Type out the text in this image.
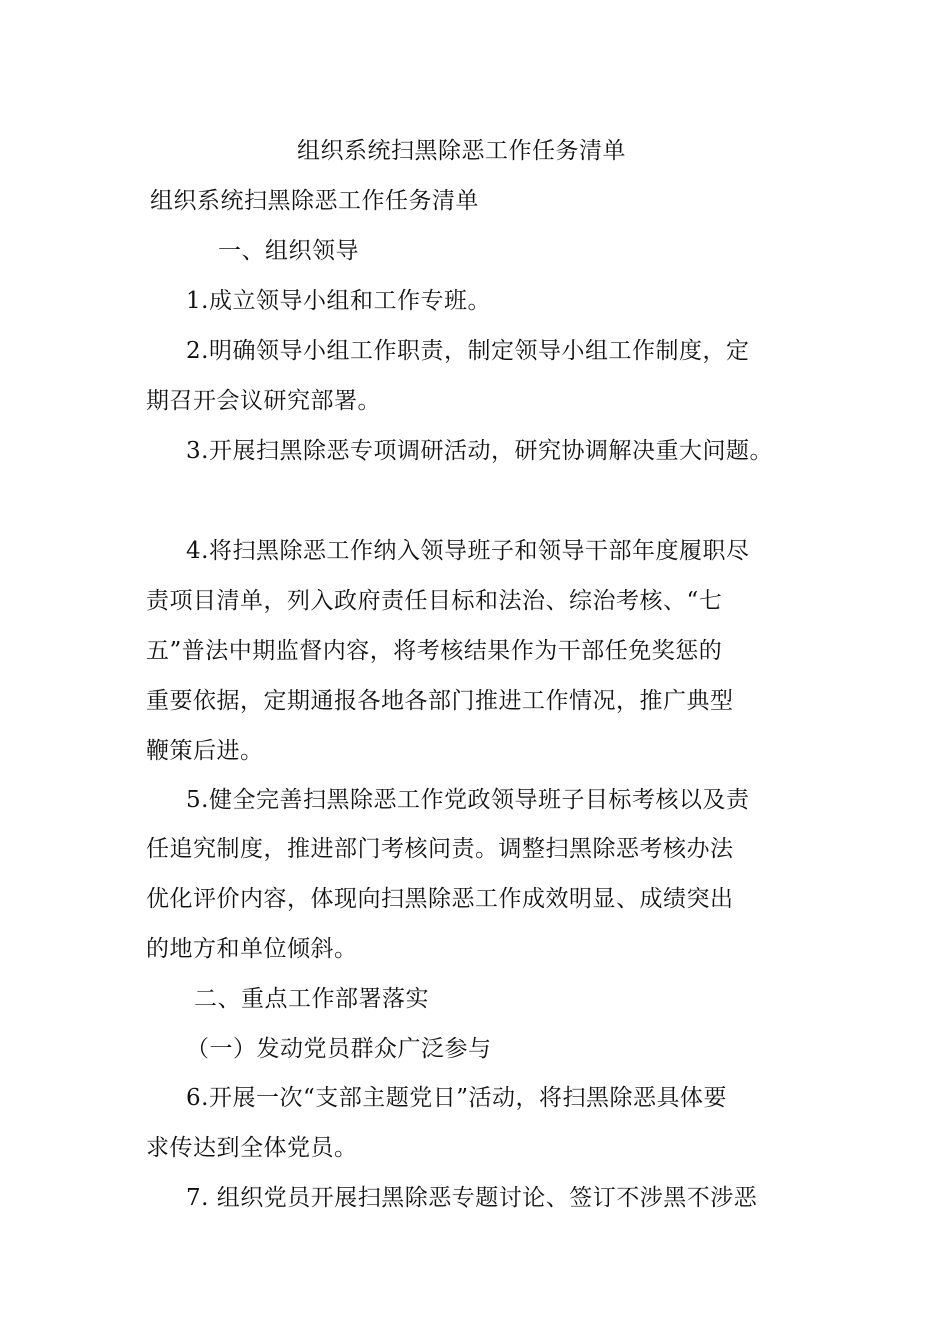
组织系统扫黑除恶工作任务清单
组织系统扫黑除恶工作任务清单
一、组织领导
1.成立领导小组和工作专班。
2.明确领导小组工作职责，制定领导小组工作制度，定
期召开会议研究部署。
3.开展扫黑除恶专项调研活动，研究协调解决重大问题。
4.将扫黑除恶工作纳入领导班子和领导干部年度履职尽
责项目清单，列入政府责任目标和法治、综治考核、“七
五”普法中期监督内容，将考核结果作为干部任免奖惩的
重要依据，定期通报各地各部门推进工作情况，推广典型
鞭策后进。
5.健全完善扫黑除恶工作党政领导班子目标考核以及责
任追究制度，推进部门考核问责。调整扫黑除恶考核办法
优化评价内容，体现向扫黑除恶工作成效明显、成绩突出
的地方和单位倾斜。
二、重点工作部署落实
（一）发动党员群众广泛参与
6.开展一次“支部主题党日”活动，将扫黑除恶具体要
求传达到全体党员。
7. 组织党员开展扫黑除恶专题讨论、签订不涉黑不涉恶
